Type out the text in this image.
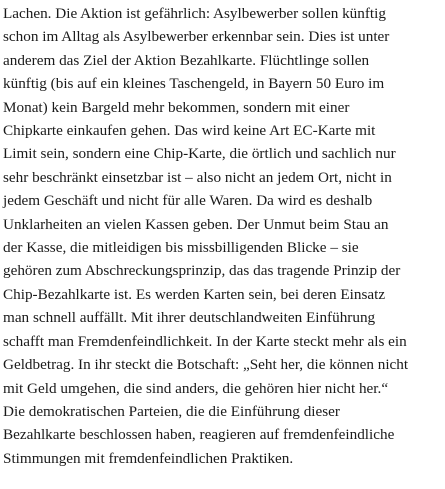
Lachen. Die Aktion ist gefährlich: Asylbewerber sollen künftig
schon im Alltag als Asylbewerber erkennbar sein. Dies ist unter
anderem das Ziel der Aktion Bezahlkarte. Flüchtlinge sollen
künftig (bis auf ein kleines Taschengeld, in Bayern 50 Euro im
Monat) kein Bargeld mehr bekommen, sondern mit einer
Chipkarte einkaufen gehen. Das wird keine Art EC-Karte mit
Limit sein, sondern eine Chip-Karte, die örtlich und sachlich nur
sehr beschränkt einsetzbar ist – also nicht an jedem Ort, nicht in
jedem Geschäft und nicht für alle Waren. Da wird es deshalb
Unklarheiten an vielen Kassen geben. Der Unmut beim Stau an
der Kasse, die mitleidigen bis missbilligenden Blicke – sie
gehören zum Abschreckungsprinzip, das das tragende Prinzip der
Chip-Bezahlkarte ist. Es werden Karten sein, bei deren Einsatz
man schnell auffällt. Mit ihrer deutschlandweiten Einführung
schafft man Fremdenfeindlichkeit. In der Karte steckt mehr als ein
Geldbetrag. In ihr steckt die Botschaft: „Seht her, die können nicht
mit Geld umgehen, die sind anders, die gehören hier nicht her.“
Die demokratischen Parteien, die die Einführung dieser
Bezahlkarte beschlossen haben, reagieren auf fremdenfeindliche
Stimmungen mit fremdenfeindlichen Praktiken.
